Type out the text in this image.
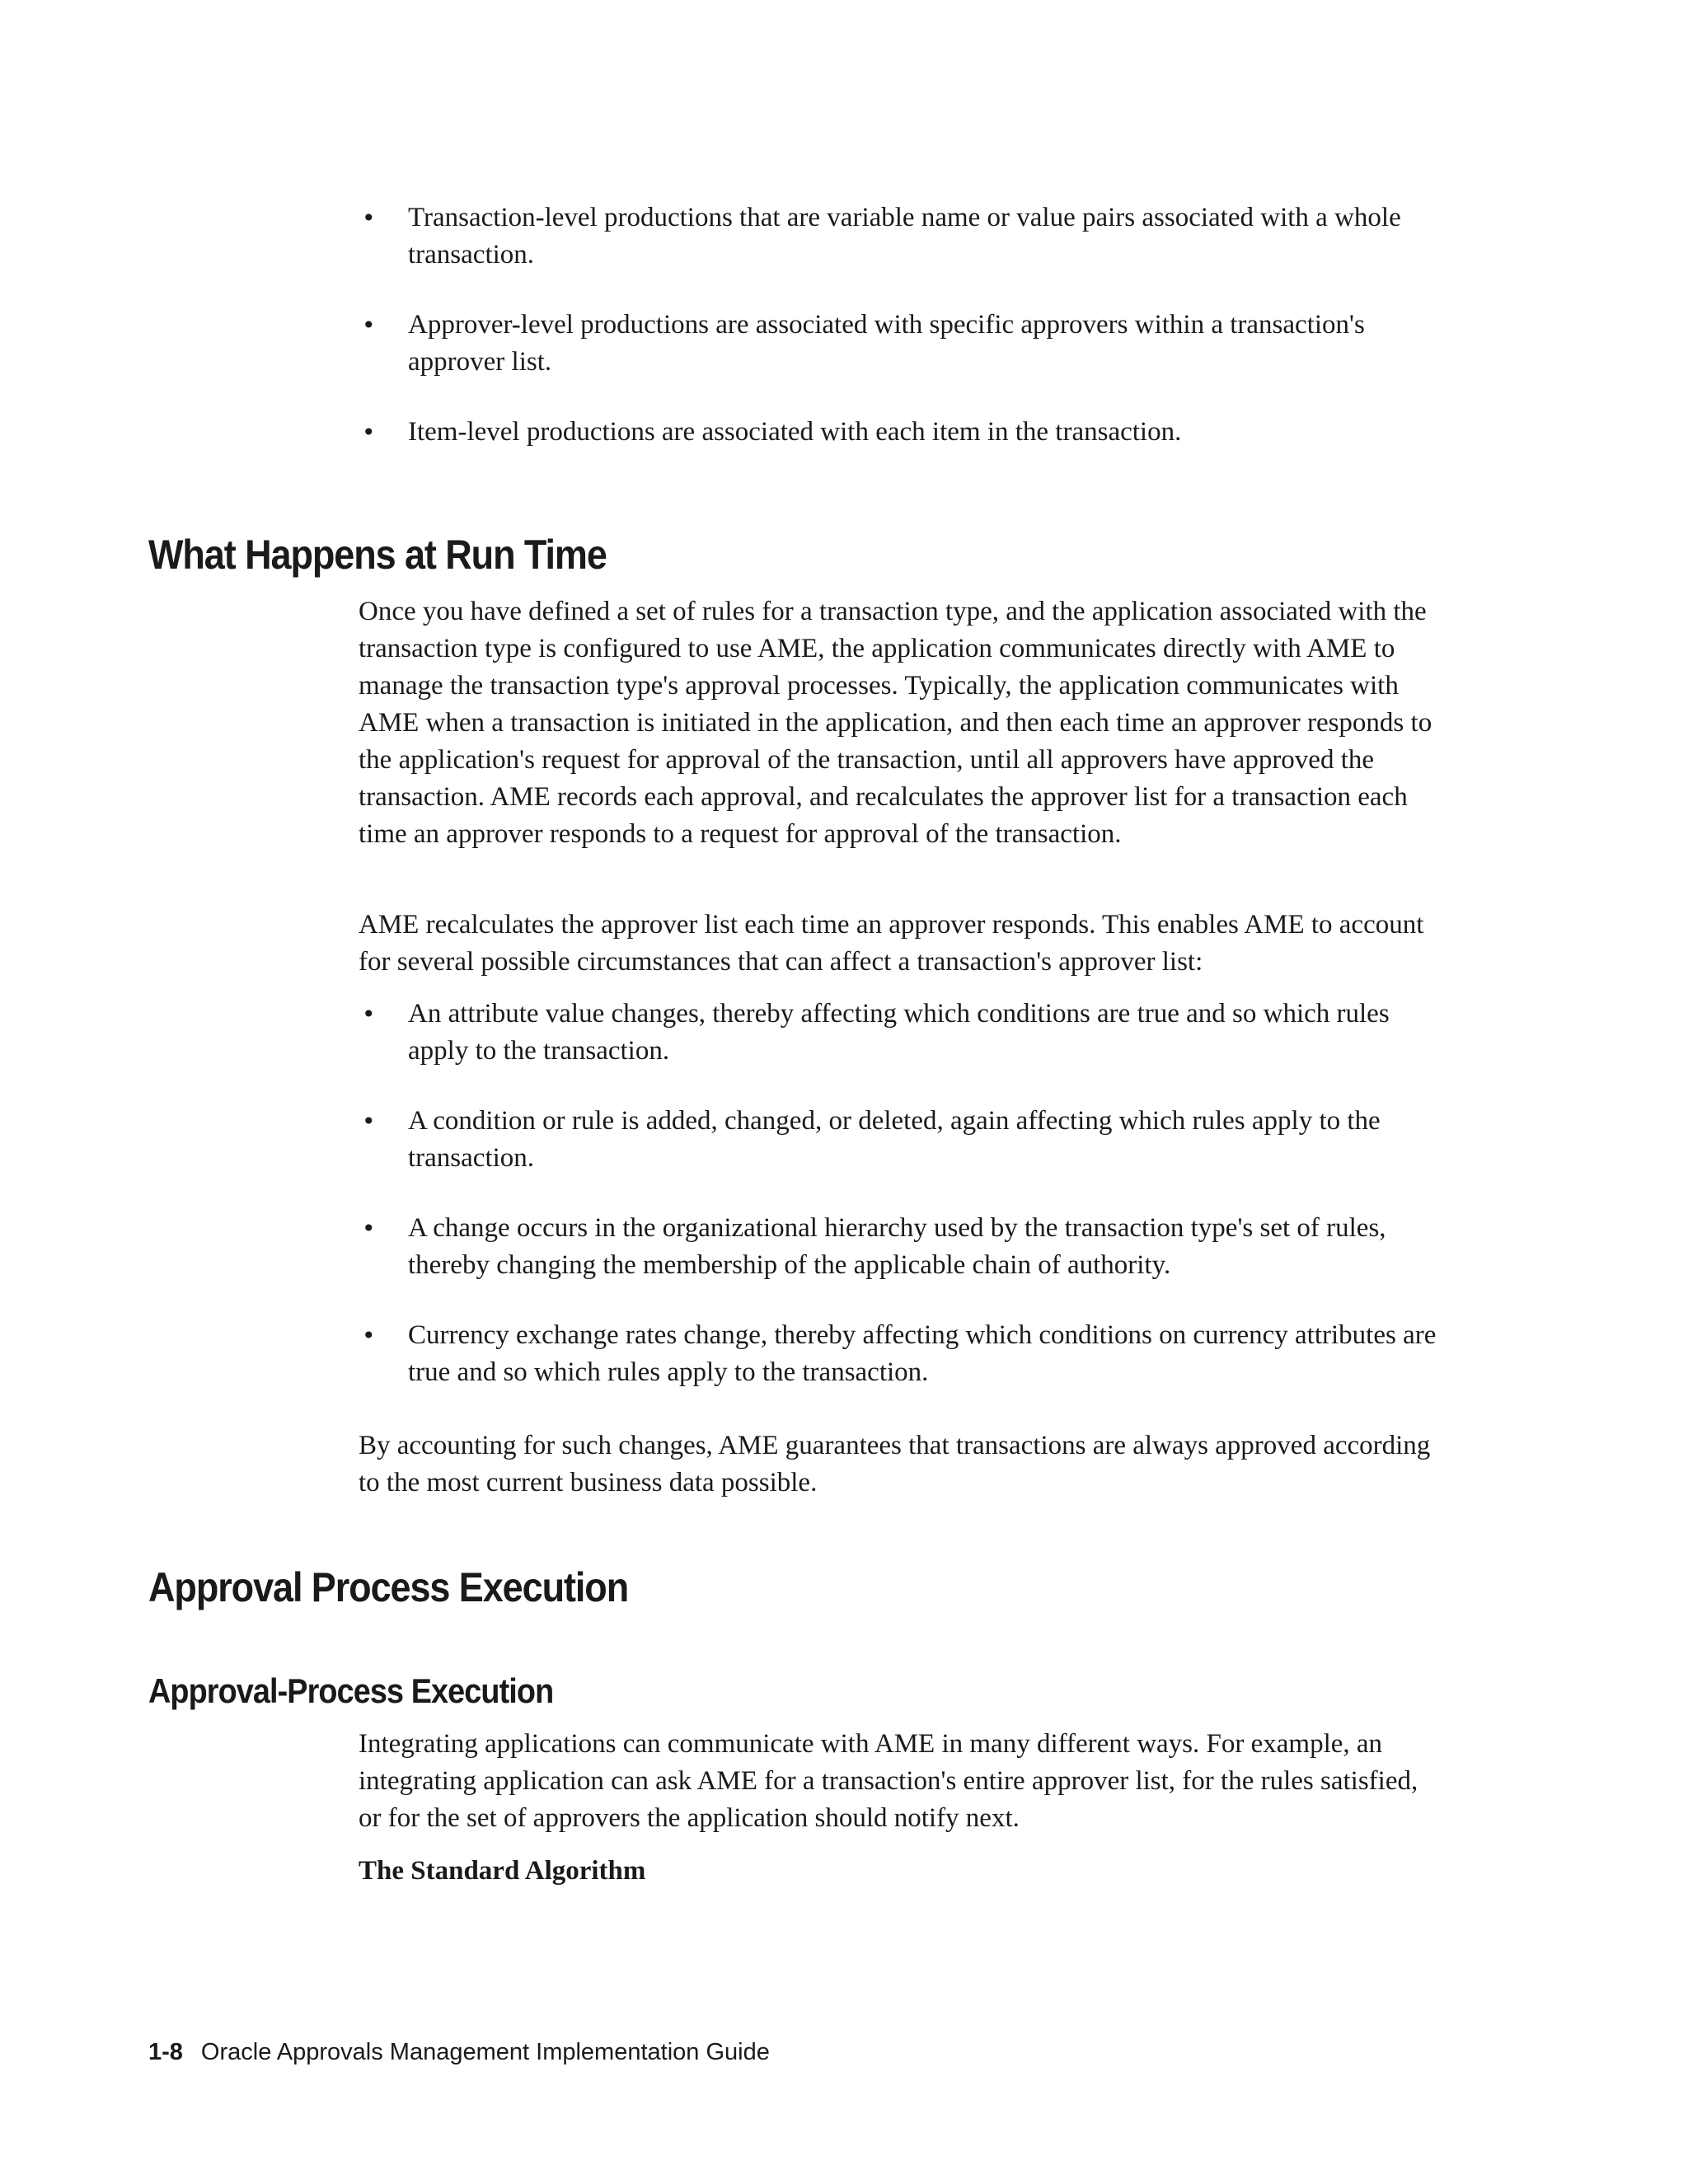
• Transaction-level productions that are variable name or value pairs associated with a whole transaction.
• Approver-level productions are associated with specific approvers within a transaction's approver list.
• Item-level productions are associated with each item in the transaction.
What Happens at Run Time

Once you have defined a set of rules for a transaction type, and the application associated with the transaction type is configured to use AME, the application communicates directly with AME to manage the transaction type's approval processes. Typically, the application communicates with AME when a transaction is initiated in the application, and then each time an approver responds to the application's request for approval of the transaction, until all approvers have approved the transaction. AME records each approval, and recalculates the approver list for a transaction each time an approver responds to a request for approval of the transaction.

AME recalculates the approver list each time an approver responds. This enables AME to account for several possible circumstances that can affect a transaction's approver list:

• An attribute value changes, thereby affecting which conditions are true and so which rules apply to the transaction.
• A condition or rule is added, changed, or deleted, again affecting which rules apply to the transaction.
• A change occurs in the organizational hierarchy used by the transaction type's set of rules, thereby changing the membership of the applicable chain of authority.
• Currency exchange rates change, thereby affecting which conditions on currency attributes are true and so which rules apply to the transaction.

By accounting for such changes, AME guarantees that transactions are always approved according to the most current business data possible.

Approval Process Execution
Approval-Process Execution

Integrating applications can communicate with AME in many different ways. For example, an integrating application can ask AME for a transaction's entire approver list, for the rules satisfied, or for the set of approvers the application should notify next.

The Standard Algorithm

1-8 Oracle Approvals Management Implementation Guide
